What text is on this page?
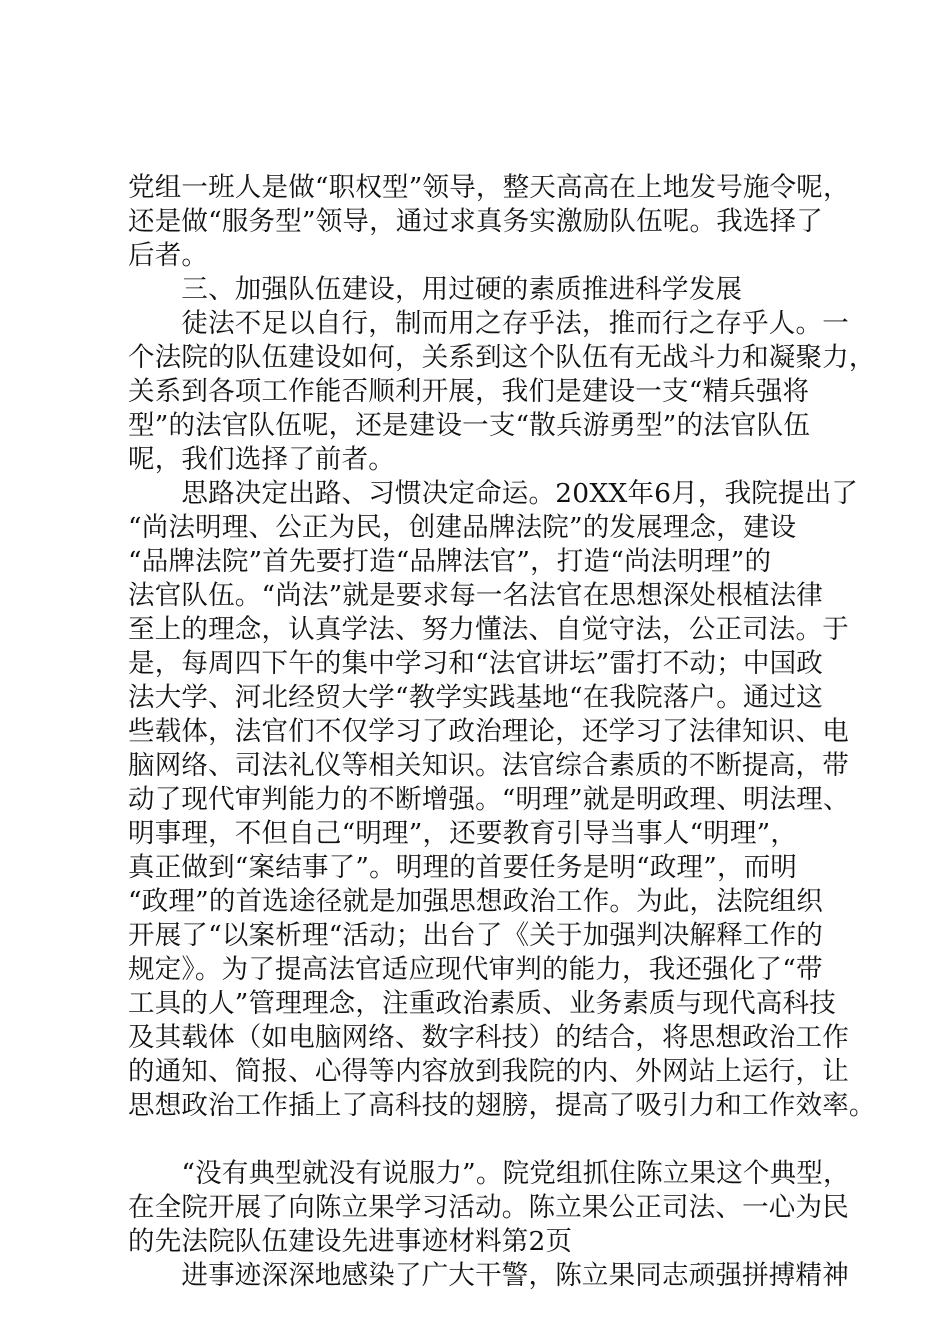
党组一班人是做“职权型”领导，整天高高在上地发号施令呢，
还是做“服务型”领导，通过求真务实激励队伍呢。我选择了
后者。
　　三、加强队伍建设，用过硬的素质推进科学发展
　　徒法不足以自行，制而用之存乎法，推而行之存乎人。一
个法院的队伍建设如何，关系到这个队伍有无战斗力和凝聚力，
关系到各项工作能否顺利开展，我们是建设一支“精兵强将
型”的法官队伍呢，还是建设一支“散兵游勇型”的法官队伍
呢，我们选择了前者。
　　思路决定出路、习惯决定命运。20XX年6月，我院提出了
“尚法明理、公正为民，创建品牌法院”的发展理念，建设
“品牌法院”首先要打造“品牌法官”，打造“尚法明理”的
法官队伍。“尚法”就是要求每一名法官在思想深处根植法律
至上的理念，认真学法、努力懂法、自觉守法，公正司法。于
是，每周四下午的集中学习和“法官讲坛”雷打不动；中国政
法大学、河北经贸大学“教学实践基地“在我院落户。通过这
些载体，法官们不仅学习了政治理论，还学习了法律知识、电
脑网络、司法礼仪等相关知识。法官综合素质的不断提高，带
动了现代审判能力的不断增强。“明理”就是明政理、明法理、
明事理，不但自己“明理”，还要教育引导当事人“明理”，
真正做到“案结事了”。明理的首要任务是明“政理”，而明
“政理”的首选途径就是加强思想政治工作。为此，法院组织
开展了“以案析理“活动；出台了《关于加强判决解释工作的
规定》。为了提高法官适应现代审判的能力，我还强化了“带
工具的人”管理理念，注重政治素质、业务素质与现代高科技
及其载体（如电脑网络、数字科技）的结合，将思想政治工作
的通知、简报、心得等内容放到我院的内、外网站上运行，让
思想政治工作插上了高科技的翅膀，提高了吸引力和工作效率。
　　“没有典型就没有说服力”。院党组抓住陈立果这个典型，
在全院开展了向陈立果学习活动。陈立果公正司法、一心为民
的先法院队伍建设先进事迹材料第2页
　　进事迹深深地感染了广大干警，陈立果同志顽强拼搏精神
